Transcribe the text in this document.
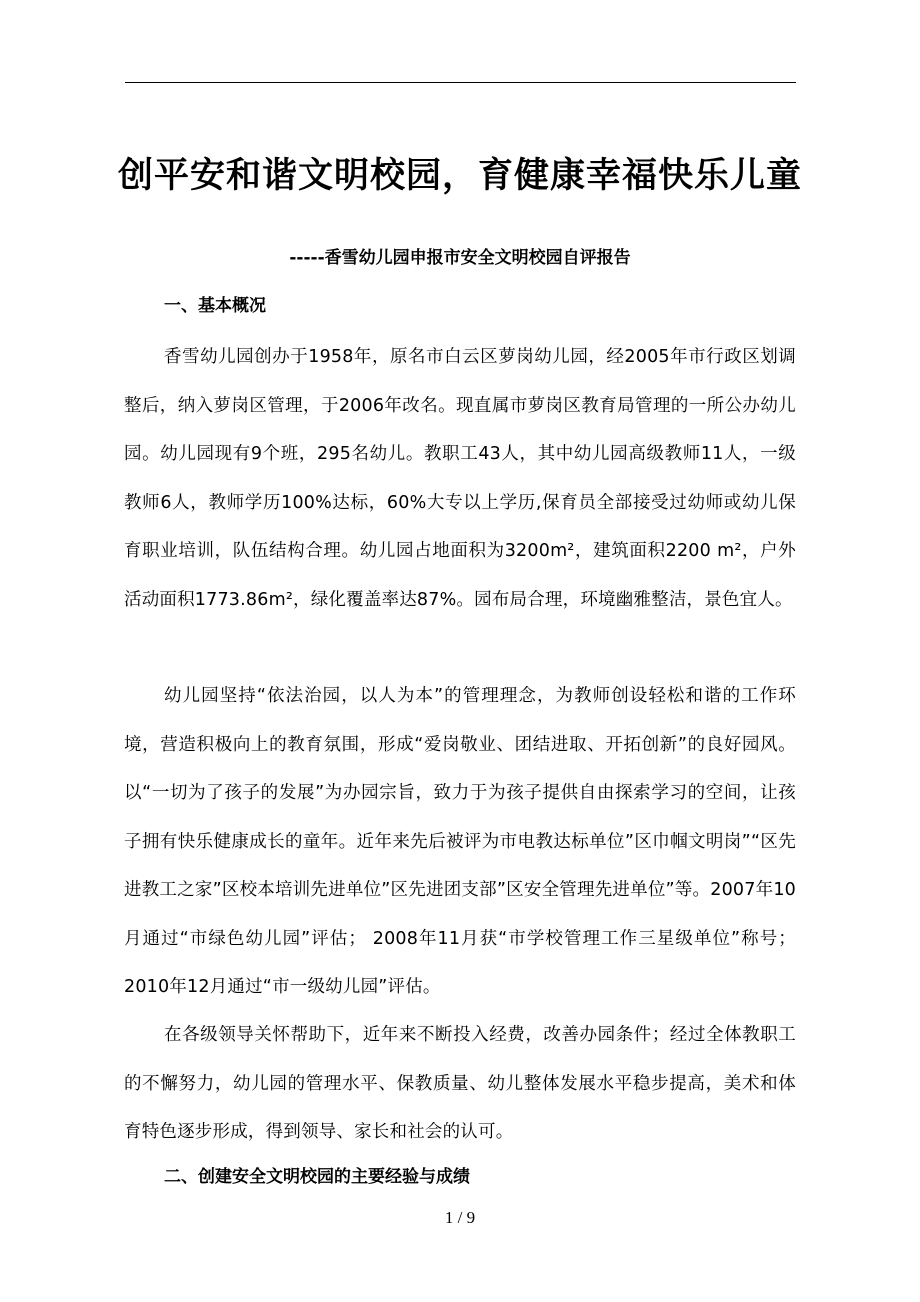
创平安和谐文明校园，育健康幸福快乐儿童

-----香雪幼儿园申报市安全文明校园自评报告

一、基本概况

香雪幼儿园创办于1958年，原名市白云区萝岗幼儿园，经2005年市行政区划调整后，纳入萝岗区管理，于2006年改名。现直属市萝岗区教育局管理的一所公办幼儿园。幼儿园现有9个班，295名幼儿。教职工43人，其中幼儿园高级教师11人，一级教师6人，教师学历100%达标，60%大专以上学历,保育员全部接受过幼师或幼儿保育职业培训，队伍结构合理。幼儿园占地面积为3200m²，建筑面积2200 m²，户外活动面积1773.86m²，绿化覆盖率达87%。园布局合理，环境幽雅整洁，景色宜人。

幼儿园坚持“依法治园，以人为本”的管理理念，为教师创设轻松和谐的工作环境，营造积极向上的教育氛围，形成“爱岗敬业、团结进取、开拓创新”的良好园风。以“一切为了孩子的发展”为办园宗旨，致力于为孩子提供自由探索学习的空间，让孩子拥有快乐健康成长的童年。近年来先后被评为市电教达标单位”区巾帼文明岗”“区先进教工之家”区校本培训先进单位”区先进团支部”区安全管理先进单位”等。2007年10月通过“市绿色幼儿园”评估； 2008年11月获“市学校管理工作三星级单位”称号；2010年12月通过“市一级幼儿园”评估。

在各级领导关怀帮助下，近年来不断投入经费，改善办园条件；经过全体教职工的不懈努力，幼儿园的管理水平、保教质量、幼儿整体发展水平稳步提高，美术和体育特色逐步形成，得到领导、家长和社会的认可。

二、创建安全文明校园的主要经验与成绩

1 / 9
